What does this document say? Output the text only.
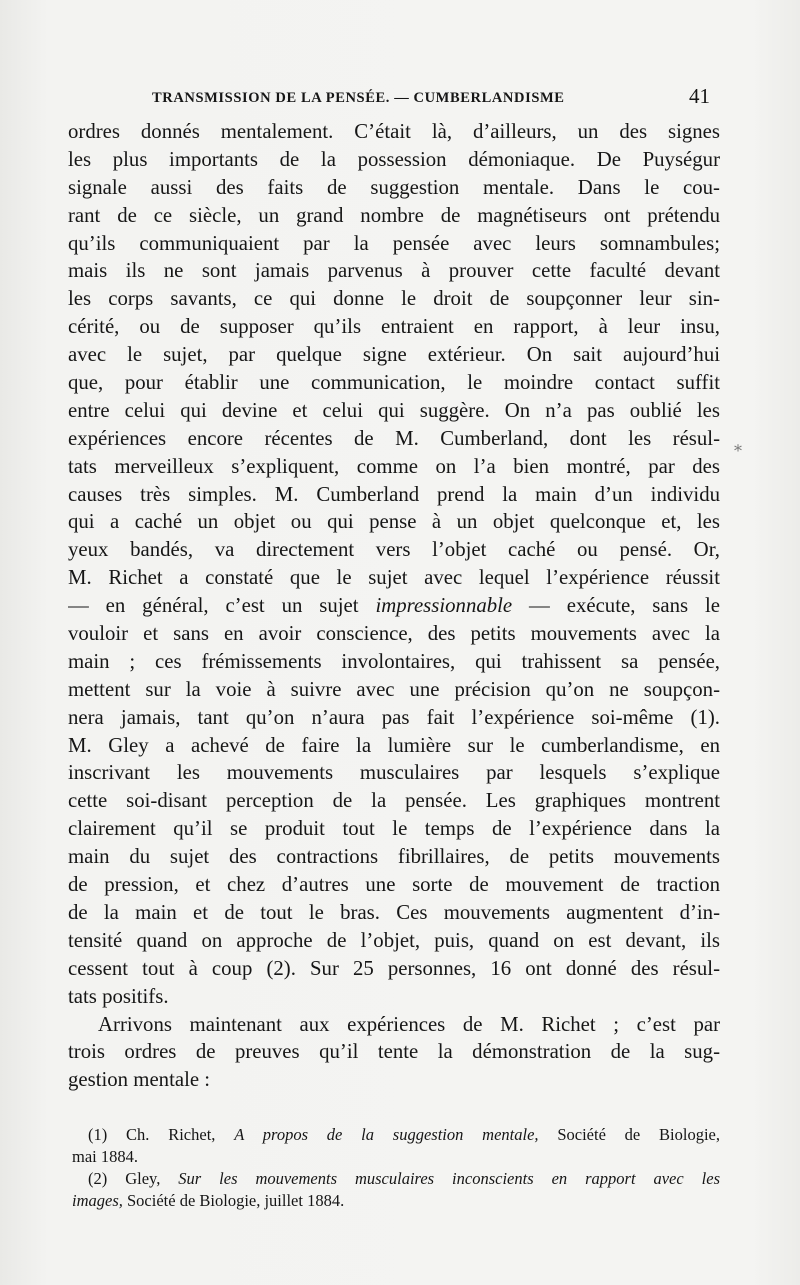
TRANSMISSION DE LA PENSÉE. — CUMBERLANDISME	41
⁎
ordres donnés mentalement. C’était là, d’ailleurs, un des signes
les plus importants de la possession démoniaque. De Puységur
signale aussi des faits de suggestion mentale. Dans le cou-
rant de ce siècle, un grand nombre de magnétiseurs ont prétendu
qu’ils communiquaient par la pensée avec leurs somnambules;
mais ils ne sont jamais parvenus à prouver cette faculté devant
les corps savants, ce qui donne le droit de soupçonner leur sin-
cérité, ou de supposer qu’ils entraient en rapport, à leur insu,
avec le sujet, par quelque signe extérieur. On sait aujourd’hui
que, pour établir une communication, le moindre contact suffit
entre celui qui devine et celui qui suggère. On n’a pas oublié les
expériences encore récentes de M. Cumberland, dont les résul-
tats merveilleux s’expliquent, comme on l’a bien montré, par des
causes très simples. M. Cumberland prend la main d’un individu
qui a caché un objet ou qui pense à un objet quelconque et, les
yeux bandés, va directement vers l’objet caché ou pensé. Or,
M. Richet a constaté que le sujet avec lequel l’expérience réussit
— en général, c’est un sujet impressionnable — exécute, sans le
vouloir et sans en avoir conscience, des petits mouvements avec la
main ; ces frémissements involontaires, qui trahissent sa pensée,
mettent sur la voie à suivre avec une précision qu’on ne soupçon-
nera jamais, tant qu’on n’aura pas fait l’expérience soi-même (1).
M. Gley a achevé de faire la lumière sur le cumberlandisme, en
inscrivant les mouvements musculaires par lesquels s’explique
cette soi-disant perception de la pensée. Les graphiques montrent
clairement qu’il se produit tout le temps de l’expérience dans la
main du sujet des contractions fibrillaires, de petits mouvements
de pression, et chez d’autres une sorte de mouvement de traction
de la main et de tout le bras. Ces mouvements augmentent d’in-
tensité quand on approche de l’objet, puis, quand on est devant, ils
cessent tout à coup (2). Sur 25 personnes, 16 ont donné des résul-
tats positifs.
Arrivons maintenant aux expériences de M. Richet ; c’est par
trois ordres de preuves qu’il tente la démonstration de la sug-
gestion mentale :
(1) Ch. Richet, A propos de la suggestion mentale, Société de Biologie,
mai 1884.
(2) Gley, Sur les mouvements musculaires inconscients en rapport avec les
images, Société de Biologie, juillet 1884.
